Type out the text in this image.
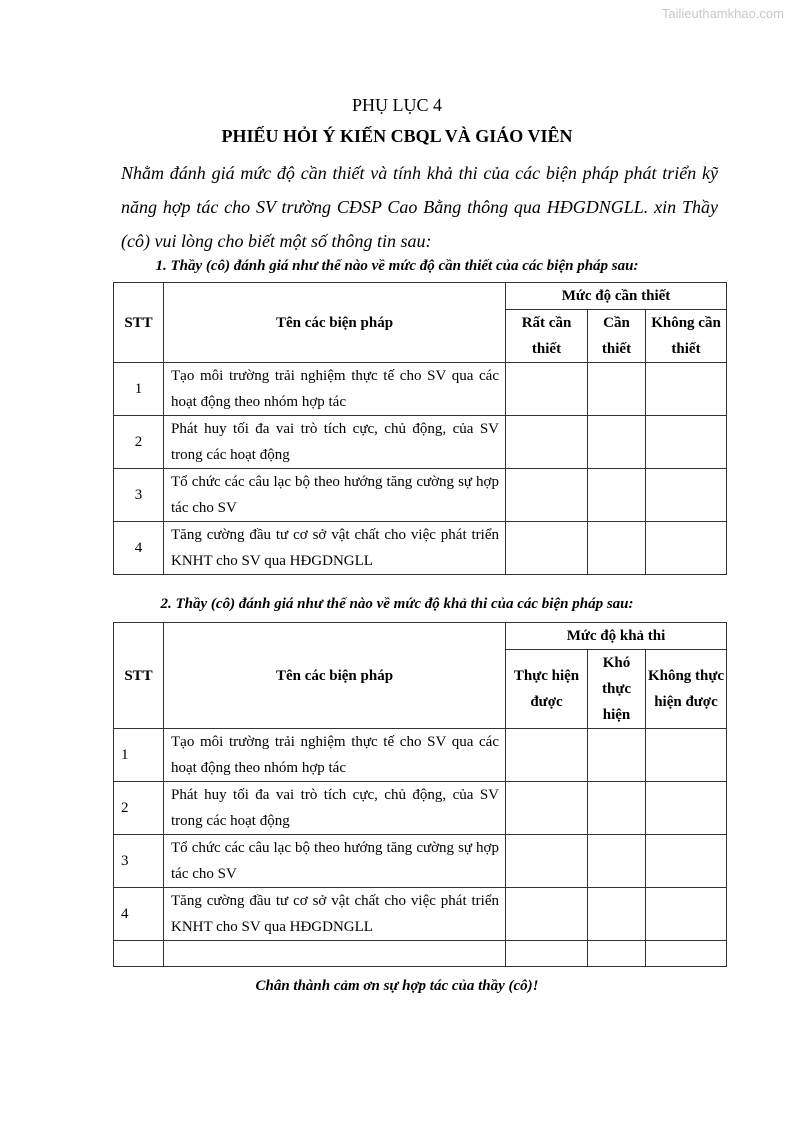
Tailieuthamkhao.com
PHỤ LỤC 4
PHIẾU HỎI Ý KIẾN CBQL VÀ GIÁO VIÊN
Nhằm đánh giá mức độ cần thiết và tính khả thi của các biện pháp phát triển kỹ năng hợp tác cho SV trường CĐSP Cao Bằng thông qua HĐGDNGLL. xin Thầy (cô) vui lòng cho biết một số thông tin sau:
1. Thầy (cô) đánh giá như thế nào về mức độ cần thiết của các biện pháp sau:
STT	Tên các biện pháp	Mức độ cần thiết		
		Rất cần thiết	Cần thiết	Không cần thiết
1	Tạo môi trường trải nghiệm thực tế cho SV qua các hoạt động theo nhóm hợp tác			
2	Phát huy tối đa vai trò tích cực, chủ động, của SV trong các hoạt động			
3	Tổ chức các câu lạc bộ theo hướng tăng cường sự hợp tác cho SV			
4	Tăng cường đầu tư cơ sở vật chất cho việc phát triển KNHT cho SV qua HĐGDNGLL			
2. Thầy (cô) đánh giá như thế nào về mức độ khả thi của các biện pháp sau:
STT	Tên các biện pháp	Mức độ khả thi		
		Thực hiện được	Khó thực hiện	Không thực hiện được
1	Tạo môi trường trải nghiệm thực tế cho SV qua các hoạt động theo nhóm hợp tác			
2	Phát huy tối đa vai trò tích cực, chủ động, của SV trong các hoạt động			
3	Tổ chức các câu lạc bộ theo hướng tăng cường sự hợp tác cho SV			
4	Tăng cường đầu tư cơ sở vật chất cho việc phát triển KNHT cho SV qua HĐGDNGLL			

Chân thành cảm ơn sự hợp tác của thầy (cô)!
